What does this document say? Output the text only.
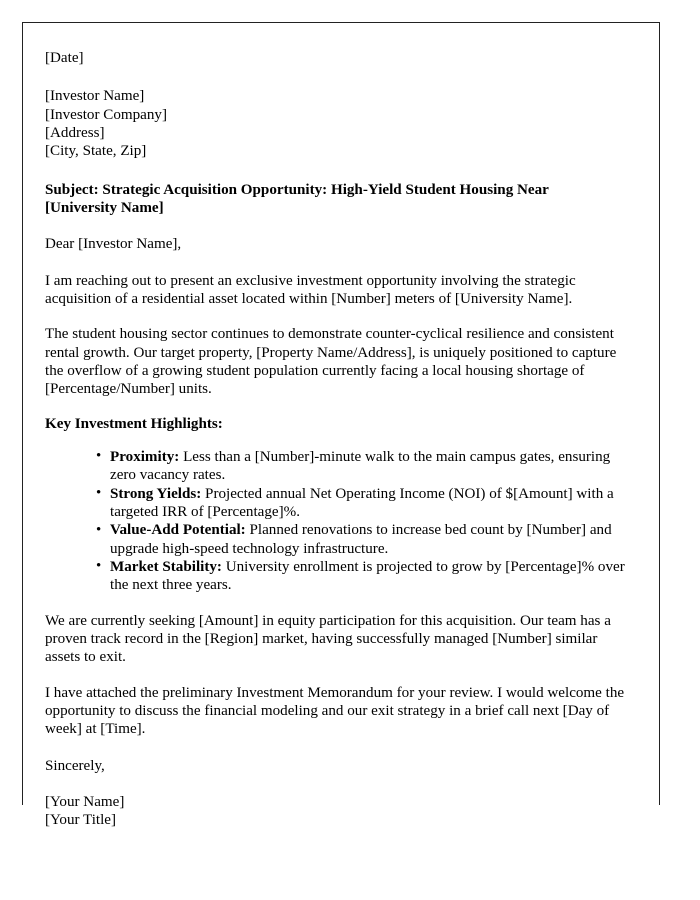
[Date]
[Investor Name]
[Investor Company]
[Address]
[City, State, Zip]
Subject: Strategic Acquisition Opportunity: High-Yield Student Housing Near
[University Name]

Dear [Investor Name],

I am reaching out to present an exclusive investment opportunity involving the strategic acquisition of a residential asset located within [Number] meters of [University Name].

The student housing sector continues to demonstrate counter-cyclical resilience and consistent rental growth. Our target property, [Property Name/Address], is uniquely positioned to capture the overflow of a growing student population currently facing a local housing shortage of [Percentage/Number] units.

Key Investment Highlights:

• Proximity: Less than a [Number]-minute walk to the main campus gates, ensuring zero vacancy rates.
• Strong Yields: Projected annual Net Operating Income (NOI) of $[Amount] with a targeted IRR of [Percentage]%.
• Value-Add Potential: Planned renovations to increase bed count by [Number] and upgrade high-speed technology infrastructure.
• Market Stability: University enrollment is projected to grow by [Percentage]% over the next three years.

We are currently seeking [Amount] in equity participation for this acquisition. Our team has a proven track record in the [Region] market, having successfully managed [Number] similar assets to exit.

I have attached the preliminary Investment Memorandum for your review. I would welcome the opportunity to discuss the financial modeling and our exit strategy in a brief call next [Day of week] at [Time].

Sincerely,

[Your Name]
[Your Title]
